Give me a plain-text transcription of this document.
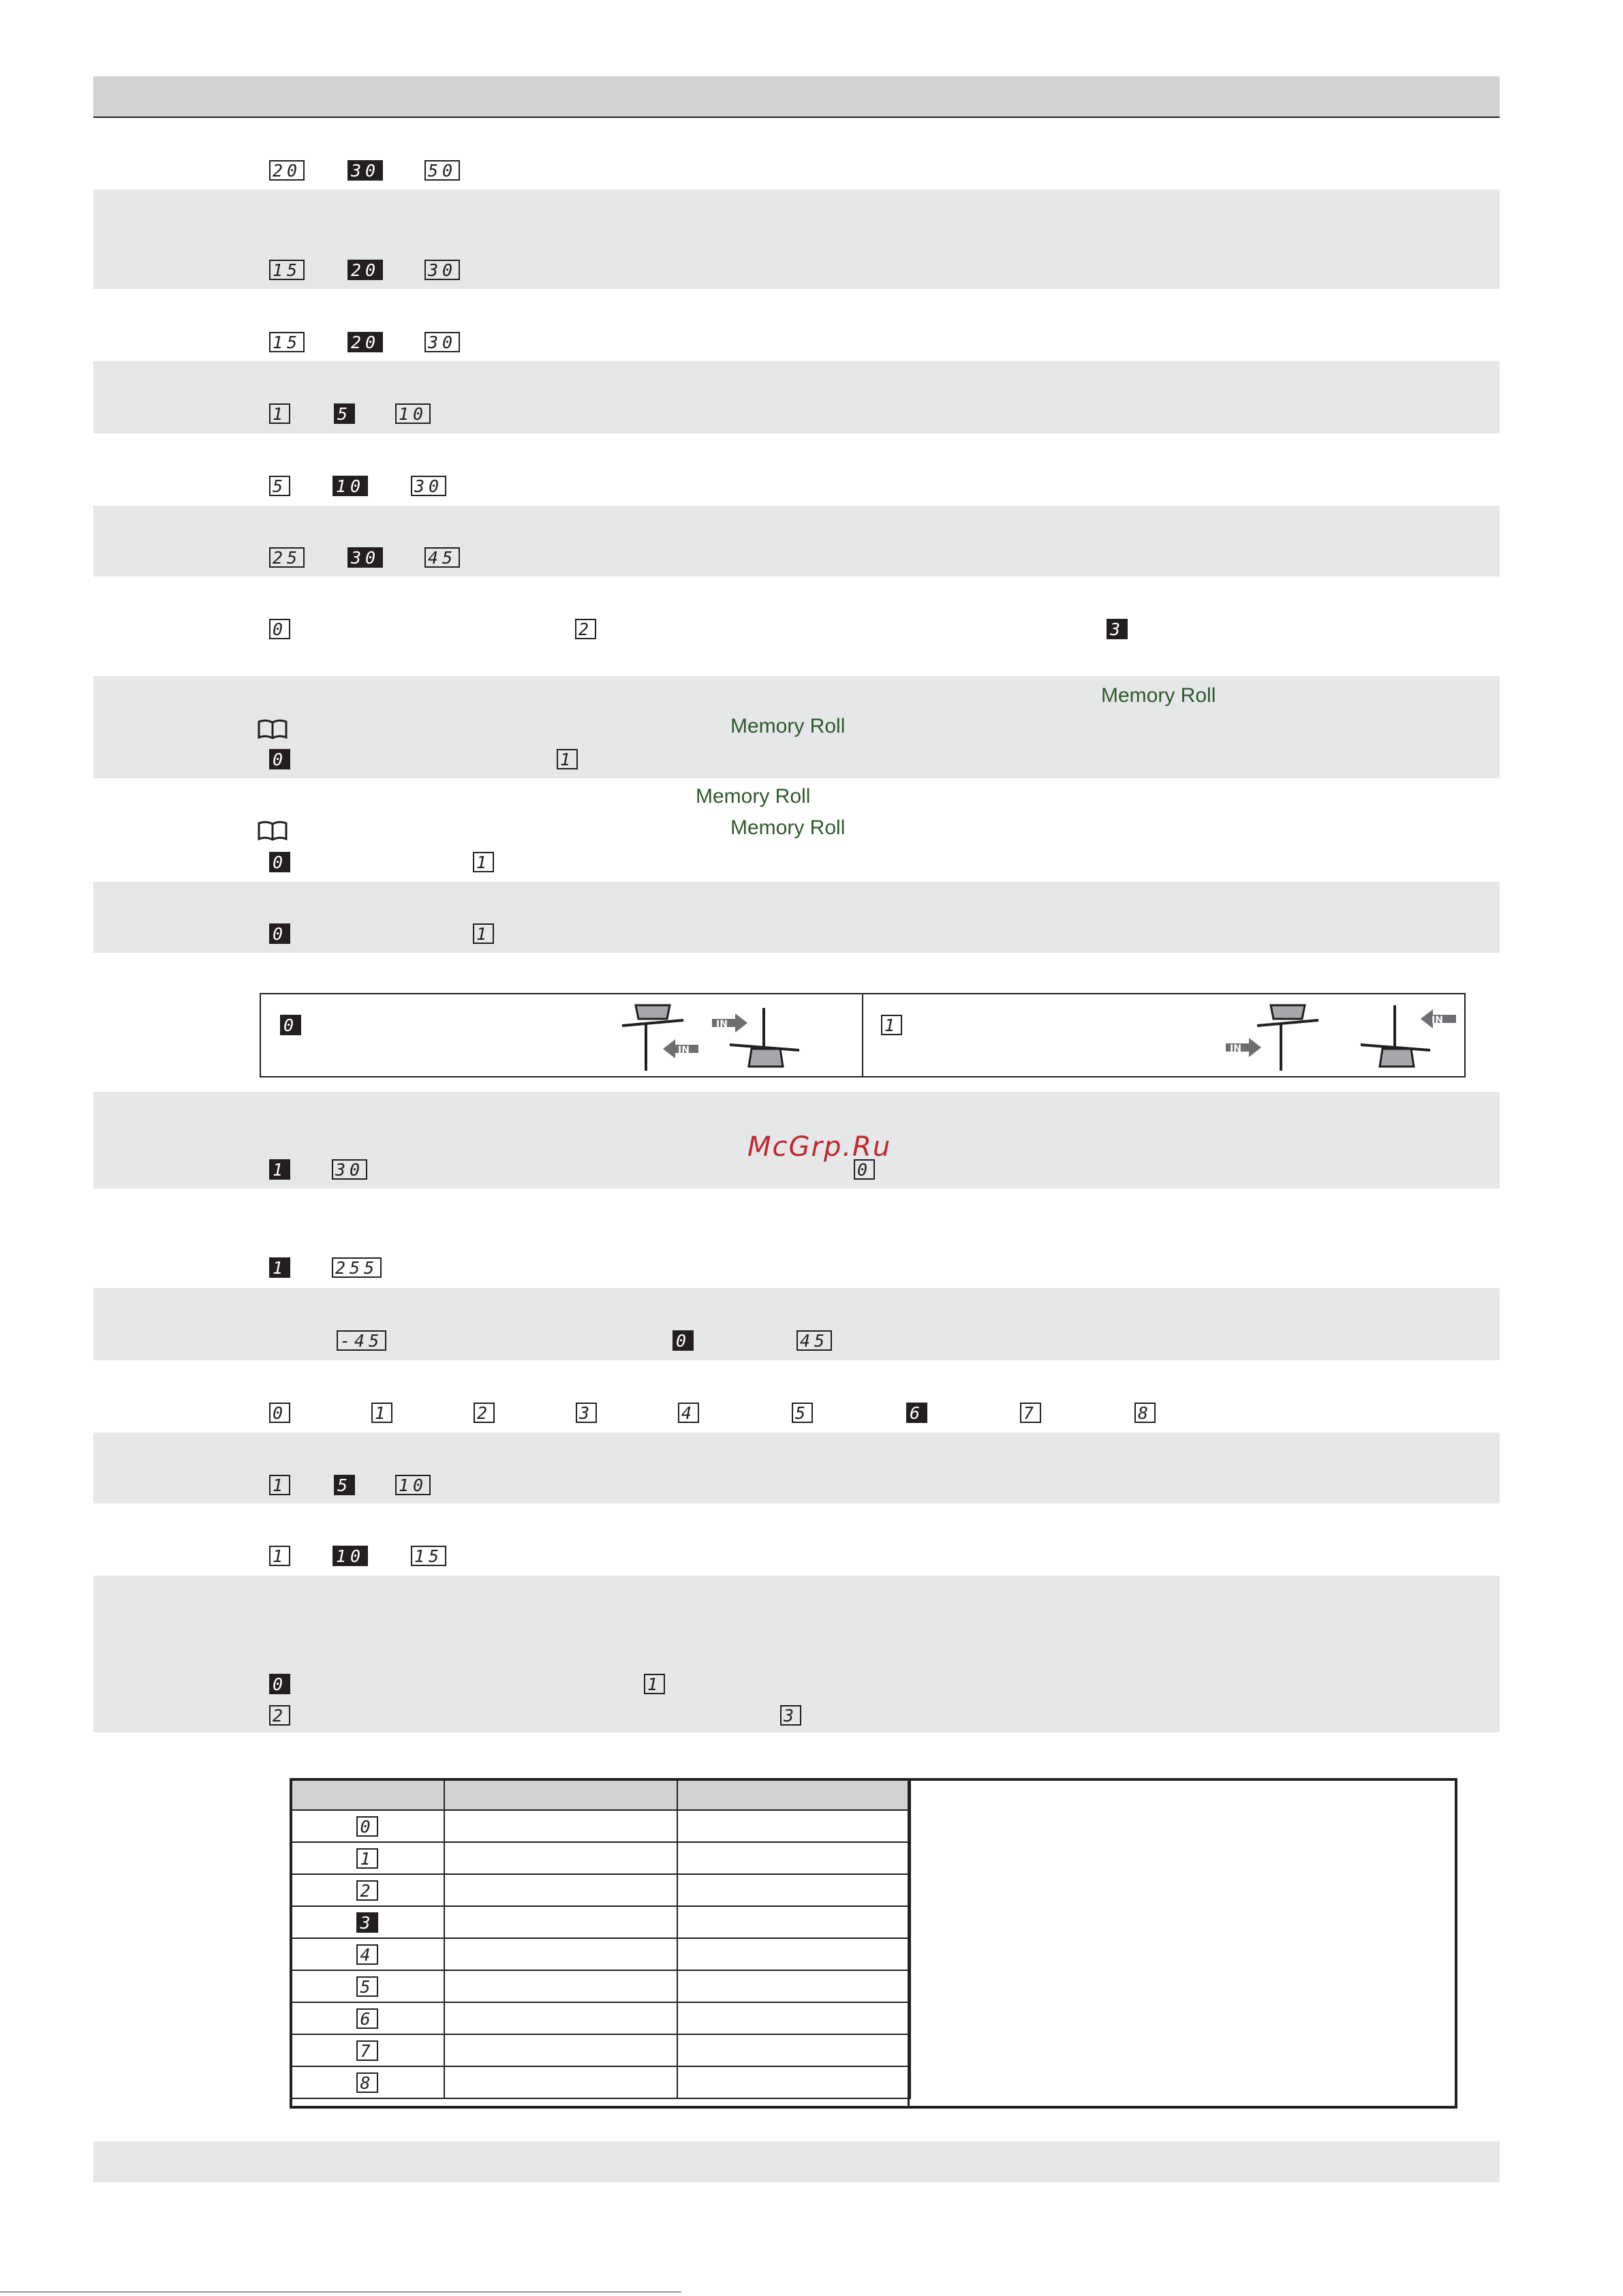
20	30	50
15	20	30
15	20	30
1	5	10
5	10	30
25	30	45
0	2	3
Memory Roll
Memory Roll
0	1
Memory Roll
Memory Roll
0	1
0	1
0
IN
IN	1
IN
IN
1	30	0
McGrp.Ru
1	255
-45	0	45
0	1	2	3	4	5	6	7	8
1	5	10
1	10	15
0	1
2	3

0		
1		
2		
3		
4		
5		
6		
7		
8		
